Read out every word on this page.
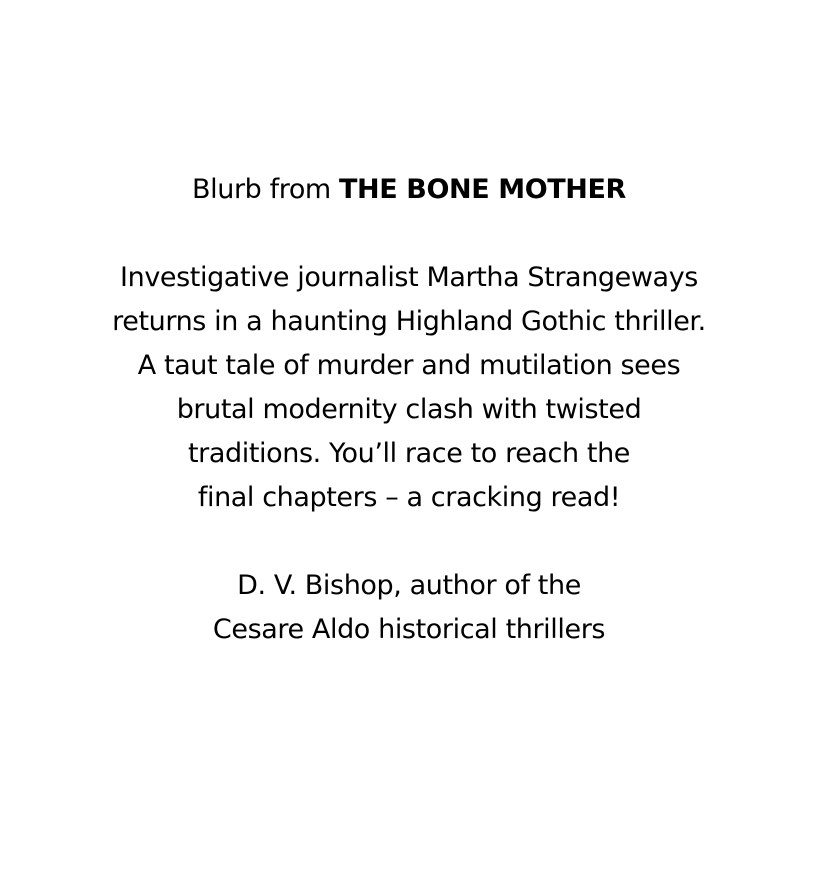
Blurb from THE BONE MOTHER
Investigative journalist Martha Strangeways
returns in a haunting Highland Gothic thriller.
A taut tale of murder and mutilation sees
brutal modernity clash with twisted
traditions. You’ll race to reach the
final chapters – a cracking read!
D. V. Bishop, author of the
Cesare Aldo historical thrillers
